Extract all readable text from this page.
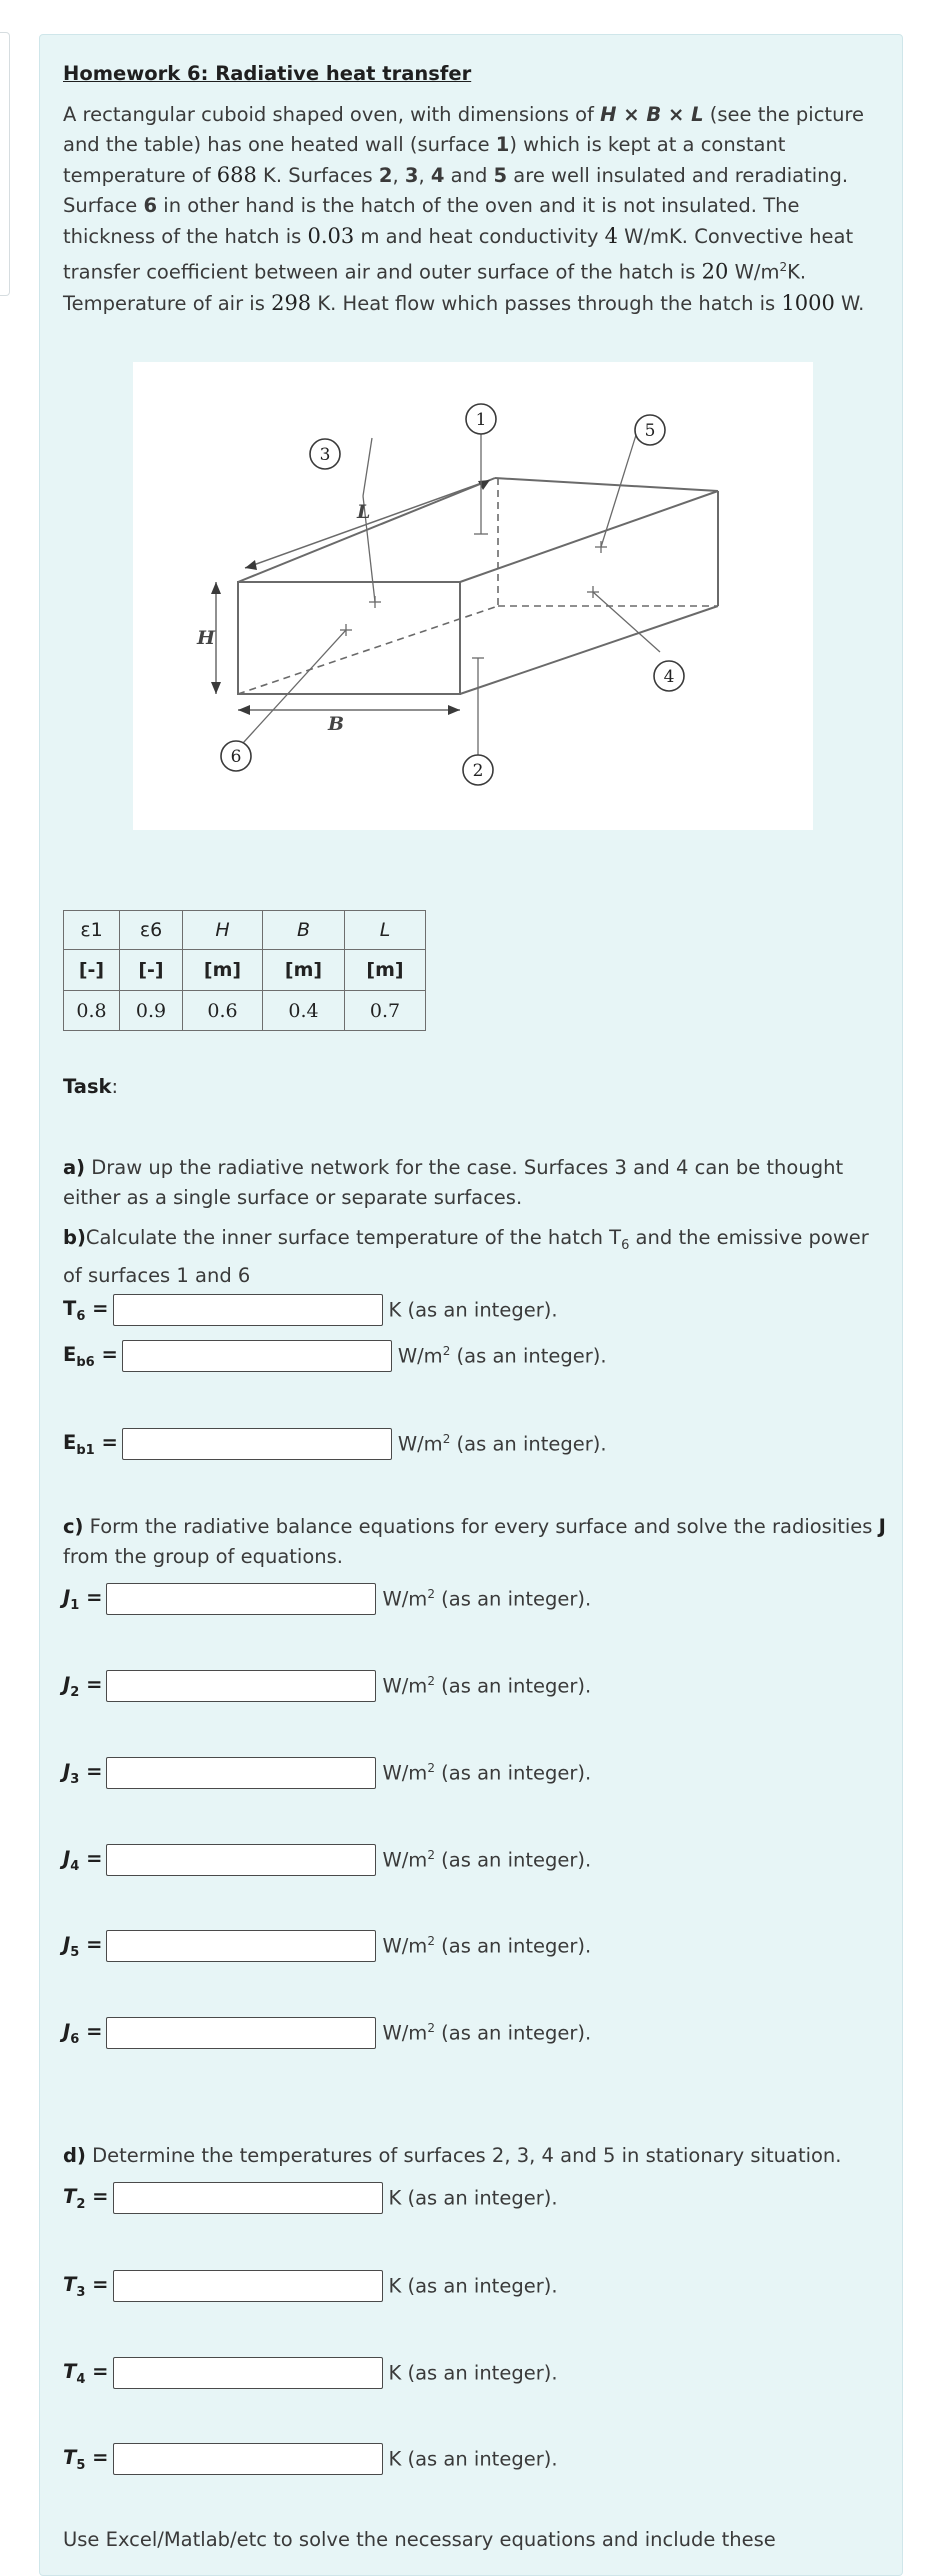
Homework 6: Radiative heat transfer

A rectangular cuboid shaped oven, with dimensions of H × B × L (see the picture and the table) has one heated wall (surface 1) which is kept at a constant temperature of 688 K. Surfaces 2, 3, 4 and 5 are well insulated and reradiating. Surface 6 in other hand is the hatch of the oven and it is not insulated. The thickness of the hatch is 0.03 m and heat conductivity 4 W/mK. Convective heat transfer coefficient between air and outer surface of the hatch is 20 $W/m^2K$. Temperature of air is 298 K. Heat flow which passes through the hatch is 1000 W.

1
2
3
4
5
6
H
B
L
ε1	ε6	H	B	L
[-]	[-]	[m]	[m]	[m]
0.8	0.9	0.6	0.4	0.7
Task:
a) Draw up the radiative network for the case. Surfaces 3 and 4 can be thought either as a single surface or separate surfaces.
b)Calculate the inner surface temperature of the hatch $T_6$ and the emissive power of surfaces 1 and 6
$T_6$ =	K (as an integer).
$E_{b6}$ =	$W/m^2$ (as an integer).
$E_{b1}$ =	$W/m^2$ (as an integer).
c) Form the radiative balance equations for every surface and solve the radiosities J from the group of equations.
$J_1$ =	$W/m^2$ (as an integer).
$J_2$ =	$W/m^2$ (as an integer).
$J_3$ =	$W/m^2$ (as an integer).
$J_4$ =	$W/m^2$ (as an integer).
$J_5$ =	$W/m^2$ (as an integer).
$J_6$ =	$W/m^2$ (as an integer).
d) Determine the temperatures of surfaces 2, 3, 4 and 5 in stationary situation.
$T_2$ =	K (as an integer).
$T_3$ =	K (as an integer).
$T_4$ =	K (as an integer).
$T_5$ =	K (as an integer).
Use Excel/Matlab/etc to solve the necessary equations and include these
